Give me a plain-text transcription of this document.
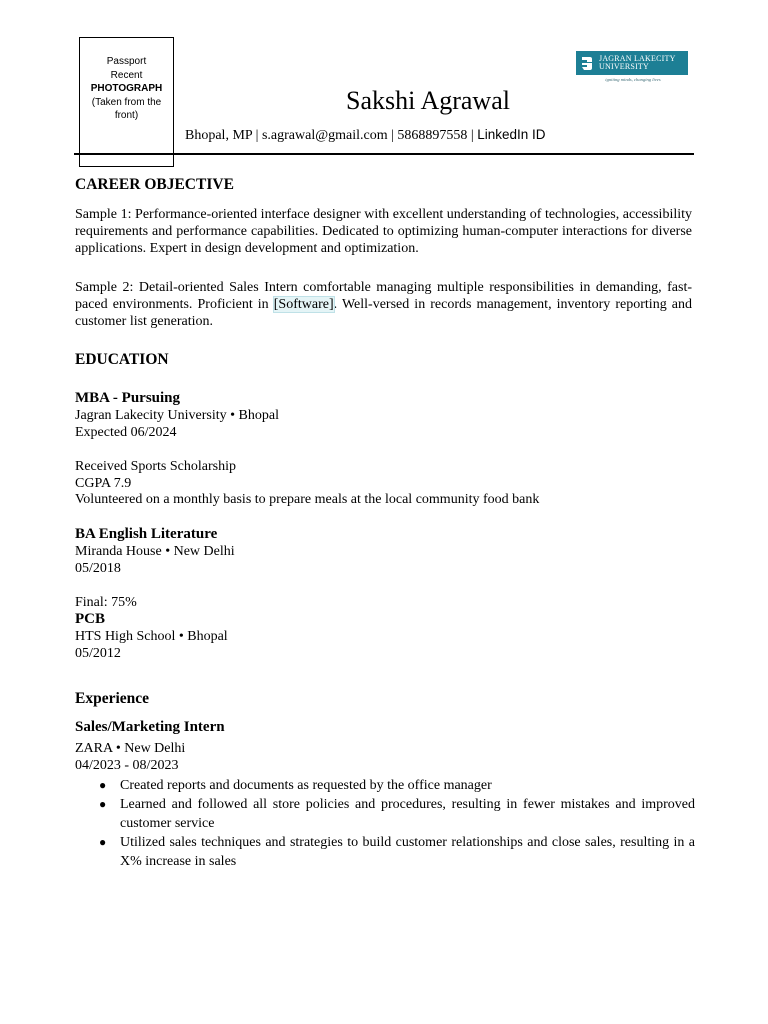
Passport
Recent
PHOTOGRAPH
(Taken from the
front)
JAGRAN LAKECITY
UNIVERSITY
igniting minds, changing lives
Sakshi Agrawal
Bhopal, MP | s.agrawal@gmail.com | 5868897558 | LinkedIn ID
CAREER OBJECTIVE
Sample 1: Performance-oriented interface designer with excellent understanding of technologies, accessibility requirements and performance capabilities. Dedicated to optimizing human-computer interactions for diverse applications. Expert in design development and optimization.
Sample 2: Detail-oriented Sales Intern comfortable managing multiple responsibilities in demanding, fast-paced environments. Proficient in [Software]. Well-versed in records management, inventory reporting and customer list generation.
EDUCATION
MBA - Pursuing
Jagran Lakecity University • Bhopal
Expected 06/2024
Received Sports Scholarship
CGPA 7.9
Volunteered on a monthly basis to prepare meals at the local community food bank
BA English Literature
Miranda House • New Delhi
05/2018
Final: 75%
PCB
HTS High School • Bhopal
05/2012
Experience
Sales/Marketing Intern
ZARA • New Delhi
04/2023 - 08/2023
● Created reports and documents as requested by the office manager
● Learned and followed all store policies and procedures, resulting in fewer mistakes and improved customer service
● Utilized sales techniques and strategies to build customer relationships and close sales, resulting in a X% increase in sales
